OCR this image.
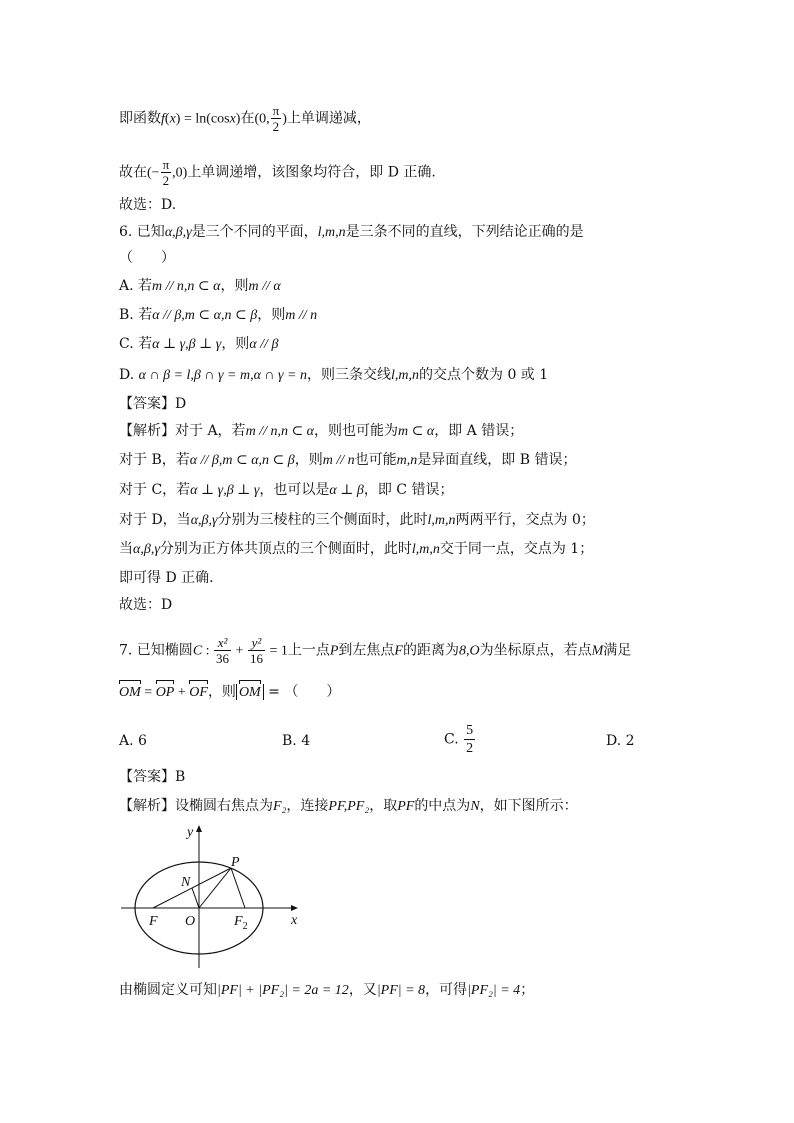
即函数f(x) = ln(cosx)在(0, $\frac{\pi}{2}$ )上单调递减，
故在(− $\frac{\pi}{2} ,0$)上单调递增，该图象均符合，即 D 正确.
故选：D.
6. 已知α,β,γ是三个不同的平面，l,m,n是三条不同的直线，下列结论正确的是
（　　）
A. 若m // n,n ⊂ α，则m // α
B. 若α // β,m ⊂ α,n ⊂ β，则m // n
C. 若α ⊥ γ,β ⊥ γ，则α // β
D. α ∩ β = l,β ∩ γ = m,α ∩ γ = n，则三条交线l,m,n的交点个数为 0 或 1
【答案】D
【解析】对于 A，若m // n,n ⊂ α，则也可能为m ⊂ α，即 A 错误；
对于 B，若α // β,m ⊂ α,n ⊂ β，则m // n也可能m,n是异面直线，即 B 错误；
对于 C，若α ⊥ γ,β ⊥ γ，也可以是α ⊥ β，即 C 错误；
对于 D，当α,β,γ分别为三棱柱的三个侧面时，此时l,m,n两两平行，交点为 0；
当α,β,γ分别为正方体共顶点的三个侧面时，此时l,m,n交于同一点，交点为 1；
即可得 D 正确.
故选：D
7. 已知椭圆C : $\frac{\text{x²}}{36} + \frac{\text{y²}}{16} = 1$上一点P到左焦点F的距离为8,O为坐标原点，若点M满足
OM = OP + OF，则 OM = （　　）
A. 6	B. 4	C. $\frac{5}{2}$	D. 2
【答案】B
【解析】设椭圆右焦点为F₂，连接PF,PF₂，取PF的中点为N，如下图所示：
y
x
P
N
F O	$F_2$
由椭圆定义可知|PF| + |PF₂| = 2a = 12，又|PF| = 8，可得|PF₂| = 4；
